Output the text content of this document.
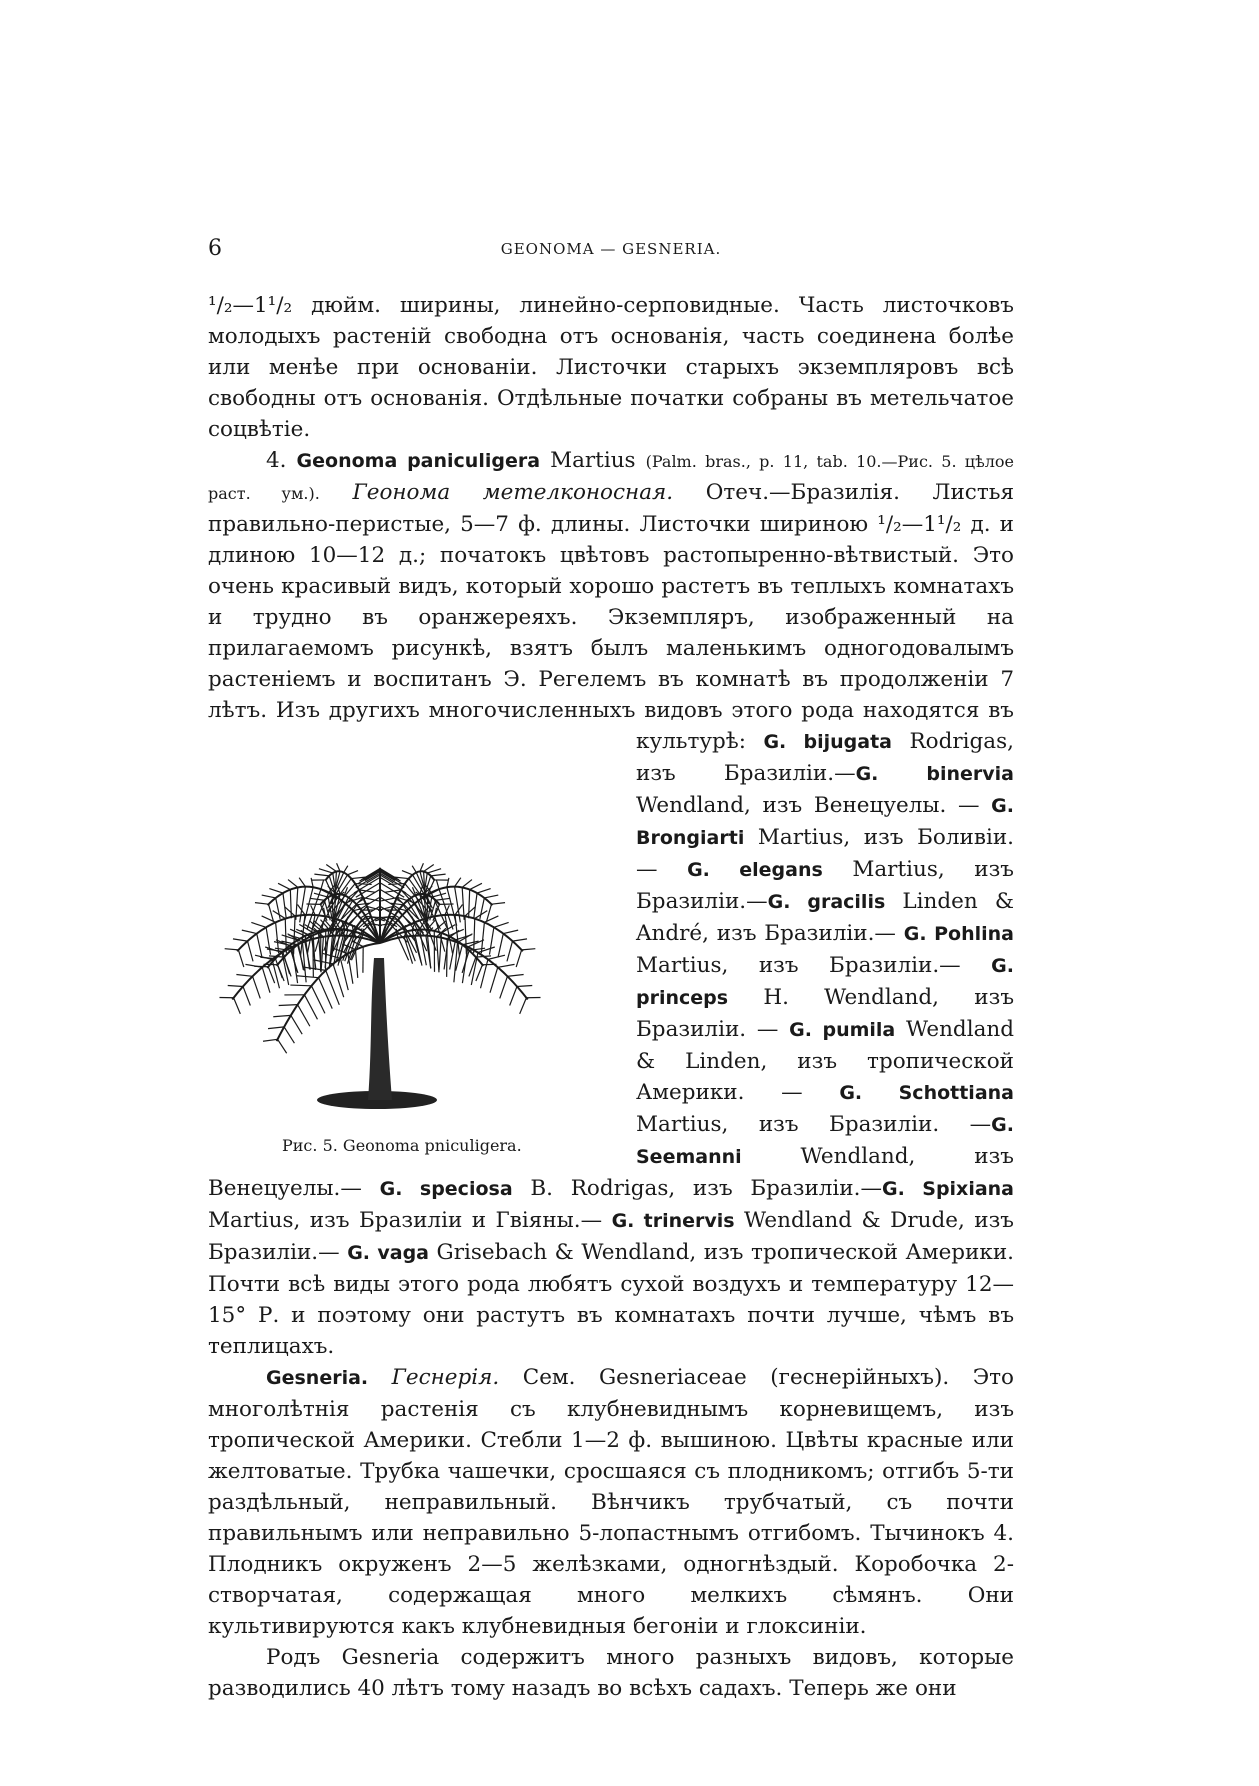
6	GEONOMA — GESNERIA.

¹/₂—1¹/₂ дюйм. ширины, линейно-серповидные. Часть листочковъ молодыхъ растеній свободна отъ основанія, часть соединена болѣе или менѣе при основаніи. Листочки старыхъ экземпляровъ всѣ свободны отъ основанія. Отдѣльные початки собраны въ метельчатое соцвѣтіе.

4. Geonoma paniculigera Martius (Palm. bras., p. 11, tab. 10.—Рис. 5. цѣлое раст. ум.). Геонома метелконосная. Отеч.—Бразилія. Листья правильно-перистые, 5—7 ф. длины. Листочки шириною ¹/₂—1¹/₂ д. и длиною 10—12 д.; початокъ цвѣтовъ растопыренно-вѣтвистый. Это очень красивый видъ, который хорошо растетъ въ теплыхъ комнатахъ и трудно въ оранжереяхъ. Экземпляръ, изображенный на прилагаемомъ рисункѣ, взятъ былъ маленькимъ одногодовалымъ растеніемъ и воспитанъ Э. Регелемъ въ комнатѣ въ продолженіи 7 лѣтъ. Изъ другихъ многочисленныхъ видовъ этого рода находятся въ культурѣ:
Рис. 5. Geonoma pniculigera.
G. bijugata Rodrigas, изъ Бразиліи.—G. binervia Wendland, изъ Венецуелы. — G. Brongiarti Martius, изъ Боливіи.— G. elegans Martius, изъ Бразиліи.—G. gracilis Linden & André, изъ Бразиліи.— G. Pohlina Martius, изъ Бразиліи.— G. princeps H. Wendland, изъ Бразиліи. — G. pumila Wendland & Linden, изъ тропической Америки. — G. Schottiana Martius, изъ Бразиліи. —G. Seemanni Wendland, изъ Венецуелы.— G. speciosa B. Rodrigas, изъ Бразиліи.—G. Spixiana Martius, изъ Бразиліи и Гвіяны.— G. trinervis Wendland & Drude, изъ Бразиліи.— G. vaga Grisebach & Wendland, изъ тропической Америки. Почти всѣ виды этого рода любятъ сухой воздухъ и температуру 12—15° Р. и поэтому они растутъ въ комнатахъ почти лучше, чѣмъ въ теплицахъ.

Gesneria. Геснерія. Сем. Gesneriaceae (геснерійныхъ). Это многолѣтнія растенія съ клубневиднымъ корневищемъ, изъ тропической Америки. Стебли 1—2 ф. вышиною. Цвѣты красные или желтоватые. Трубка чашечки, сросшаяся съ плодникомъ; отгибъ 5-ти раздѣльный, неправильный. Вѣнчикъ трубчатый, съ почти правильнымъ или неправильно 5-лопастнымъ отгибомъ. Тычинокъ 4. Плодникъ окруженъ 2—5 желѣзками, одногнѣздый. Коробочка 2-створчатая, содержащая много мелкихъ сѣмянъ. Они культивируются какъ клубневидныя бегоніи и глоксиніи.

Родъ Gesneria содержитъ много разныхъ видовъ, которые разводились 40 лѣтъ тому назадъ во всѣхъ садахъ. Теперь же они
